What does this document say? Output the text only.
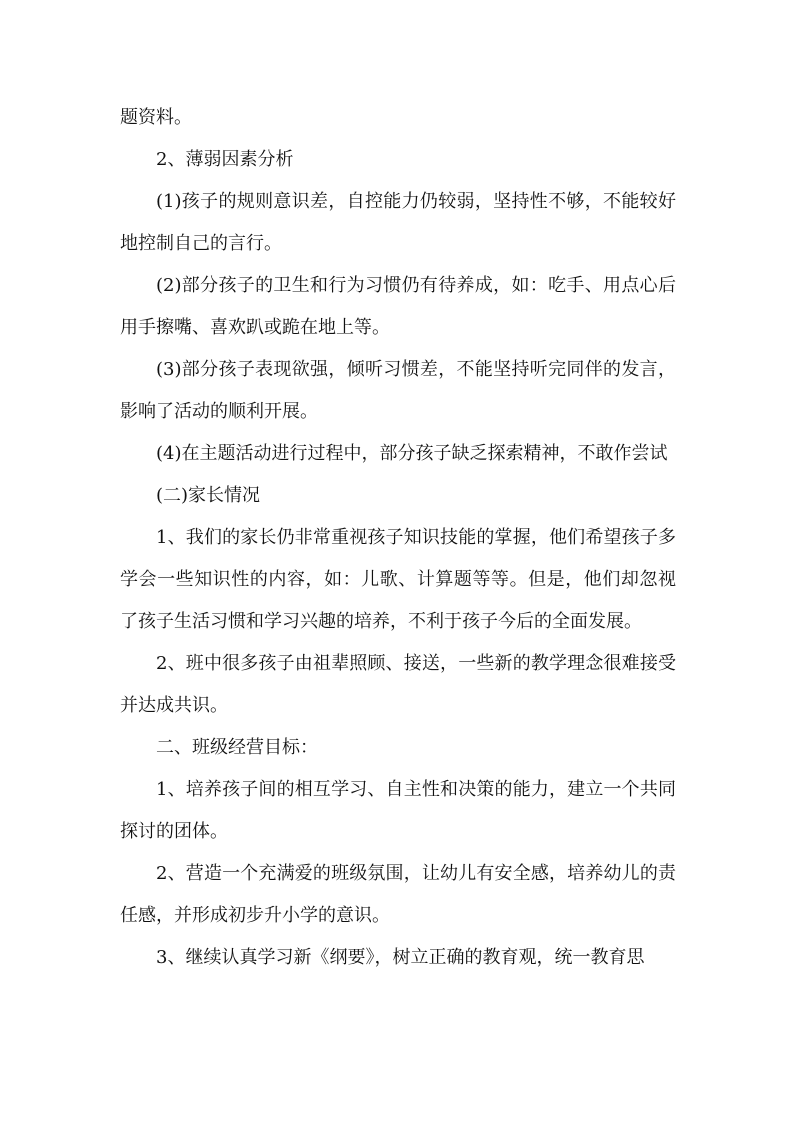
题资料。

2、薄弱因素分析

(1)孩子的规则意识差，自控能力仍较弱，坚持性不够，不能较好地控制自己的言行。

(2)部分孩子的卫生和行为习惯仍有待养成，如：吃手、用点心后用手擦嘴、喜欢趴或跪在地上等。

(3)部分孩子表现欲强，倾听习惯差，不能坚持听完同伴的发言，影响了活动的顺利开展。

(4)在主题活动进行过程中，部分孩子缺乏探索精神，不敢作尝试

(二)家长情况

1、我们的家长仍非常重视孩子知识技能的掌握，他们希望孩子多学会一些知识性的内容，如：儿歌、计算题等等。但是，他们却忽视了孩子生活习惯和学习兴趣的培养，不利于孩子今后的全面发展。

2、班中很多孩子由祖辈照顾、接送，一些新的教学理念很难接受并达成共识。

二、班级经营目标：

1、培养孩子间的相互学习、自主性和决策的能力，建立一个共同探讨的团体。

2、营造一个充满爱的班级氛围，让幼儿有安全感，培养幼儿的责任感，并形成初步升小学的意识。

3、继续认真学习新《纲要》，树立正确的教育观，统一教育思
